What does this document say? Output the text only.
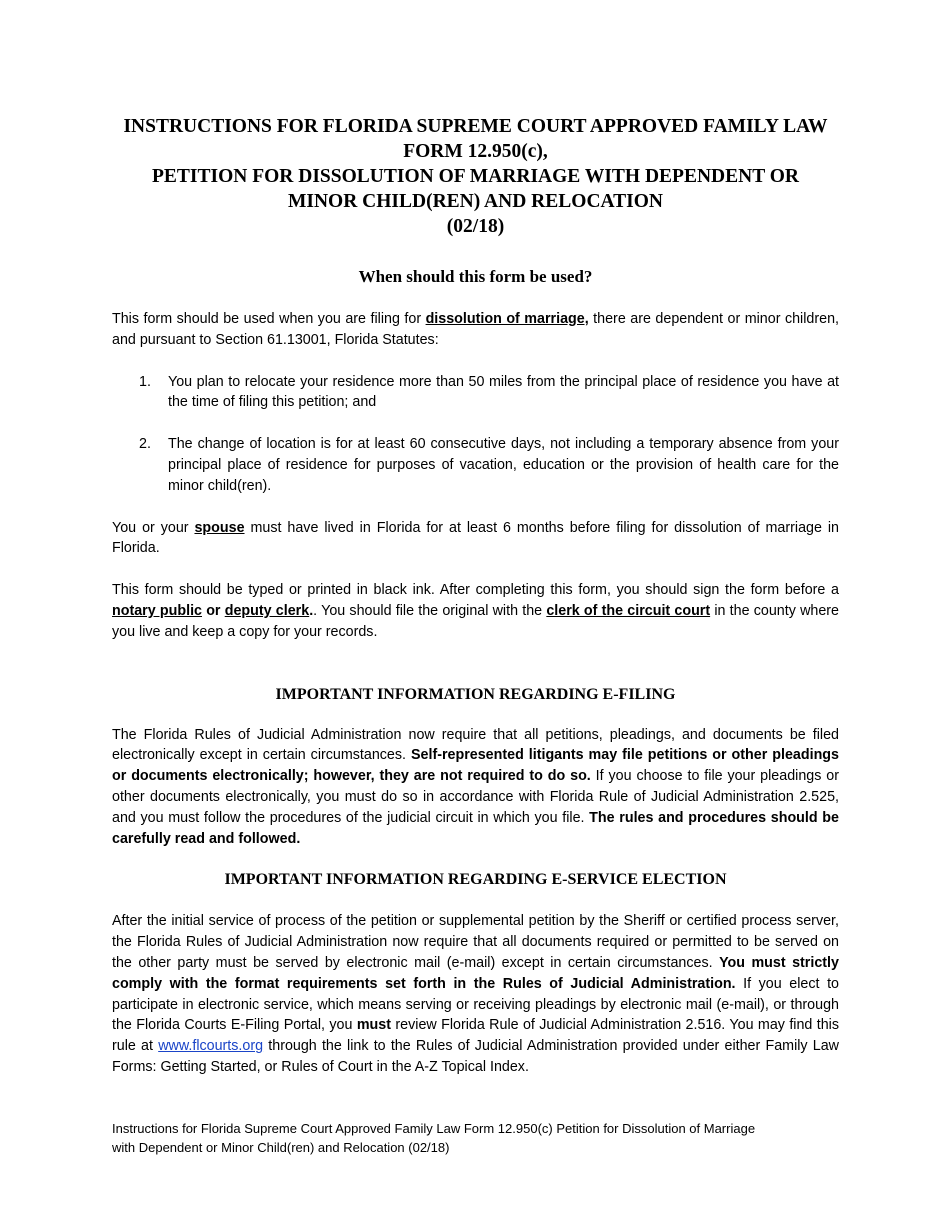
INSTRUCTIONS FOR FLORIDA SUPREME COURT APPROVED FAMILY LAW
FORM 12.950(c),
PETITION FOR DISSOLUTION OF MARRIAGE WITH DEPENDENT OR
MINOR CHILD(REN) AND RELOCATION
(02/18)
When should this form be used?

This form should be used when you are filing for dissolution of marriage, there are dependent or minor children, and pursuant to Section 61.13001, Florida Statutes:

1. You plan to relocate your residence more than 50 miles from the principal place of residence you have at the time of filing this petition; and
2. The change of location is for at least 60 consecutive days, not including a temporary absence from your principal place of residence for purposes of vacation, education or the provision of health care for the minor child(ren).

You or your spouse must have lived in Florida for at least 6 months before filing for dissolution of marriage in Florida.

This form should be typed or printed in black ink. After completing this form, you should sign the form before a notary public or deputy clerk.. You should file the original with the clerk of the circuit court in the county where you live and keep a copy for your records.

IMPORTANT INFORMATION REGARDING E-FILING

The Florida Rules of Judicial Administration now require that all petitions, pleadings, and documents be filed electronically except in certain circumstances. Self-represented litigants may file petitions or other pleadings or documents electronically; however, they are not required to do so. If you choose to file your pleadings or other documents electronically, you must do so in accordance with Florida Rule of Judicial Administration 2.525, and you must follow the procedures of the judicial circuit in which you file. The rules and procedures should be carefully read and followed.

IMPORTANT INFORMATION REGARDING E-SERVICE ELECTION

After the initial service of process of the petition or supplemental petition by the Sheriff or certified process server, the Florida Rules of Judicial Administration now require that all documents required or permitted to be served on the other party must be served by electronic mail (e-mail) except in certain circumstances. You must strictly comply with the format requirements set forth in the Rules of Judicial Administration. If you elect to participate in electronic service, which means serving or receiving pleadings by electronic mail (e-mail), or through the Florida Courts E-Filing Portal, you must review Florida Rule of Judicial Administration 2.516. You may find this rule at www.flcourts.org through the link to the Rules of Judicial Administration provided under either Family Law Forms: Getting Started, or Rules of Court in the A-Z Topical Index.

Instructions for Florida Supreme Court Approved Family Law Form 12.950(c) Petition for Dissolution of Marriage
with Dependent or Minor Child(ren) and Relocation (02/18)
